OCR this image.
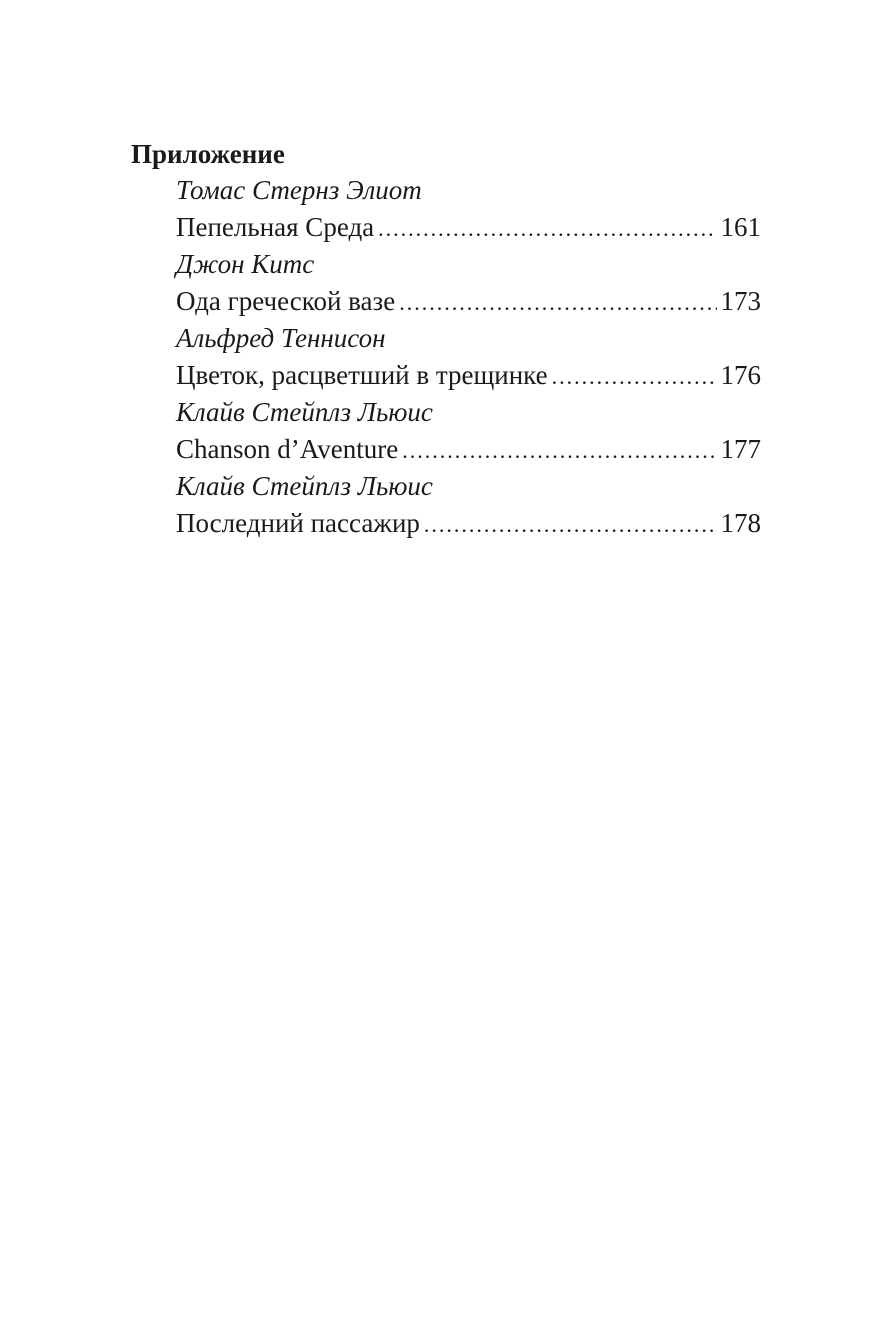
Приложение
Томас Стернз Элиот
Пепельная Среда .....	161
Джон Китс
Ода греческой вазе .....	173
Альфред Теннисон
Цветок, расцветший в трещинке .....	176
Клайв Стейплз Льюис
Chanson d’Aventure .....	177
Клайв Стейплз Льюис
Последний пассажир .....	178
